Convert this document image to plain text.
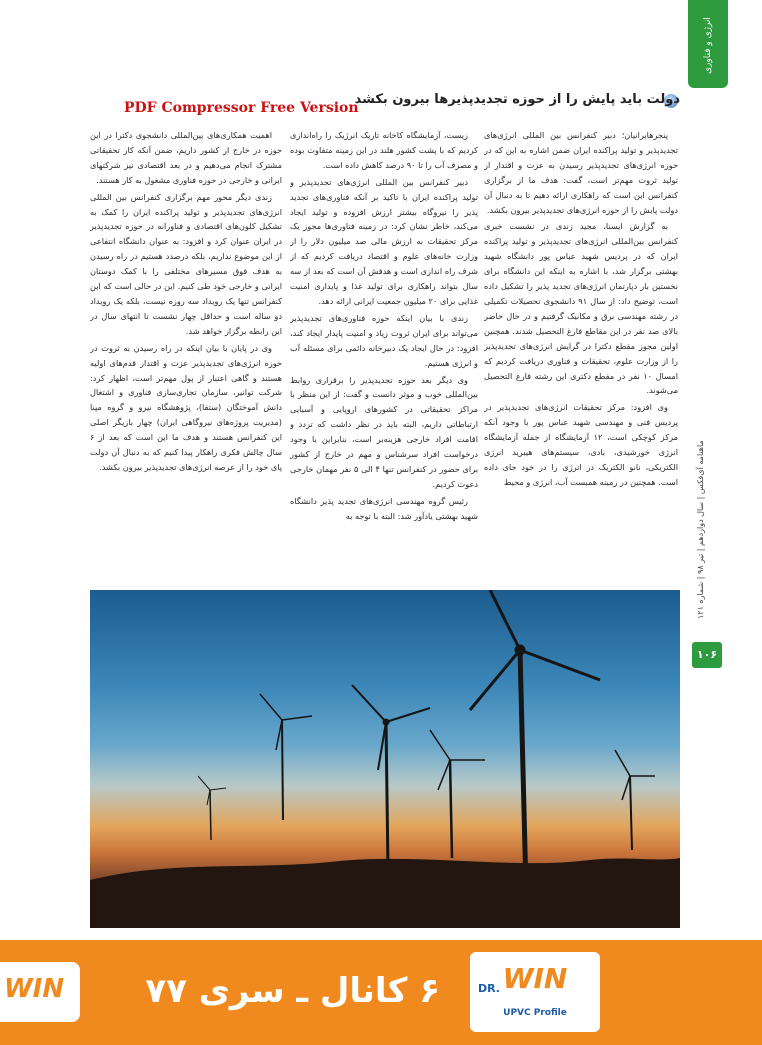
انرژی و فناوری
ماهنامه آی‌فکس | سال دوازدهم | تیر ۹۸ | شماره ۱۲۱
۱۰۶
دولت باید پایش را از حوزه تجدیدپذیرها بیرون بکشد
PDF Compressor Free Version

پنجرهایرانیان؛ دبیر کنفرانس بین المللی انرژی‌های تجدیدپذیر و تولید پراکنده ایران ضمن اشاره به این که در حوزه انرژی‌های تجدیدپذیر رسیدن به عزت و اقتدار از تولید ثروت مهم‌تر است، گفت: هدف ما از برگزاری کنفرانس این است که راهکاری ارائه دهیم تا به دنبال آن دولت پایش را از حوزه انرژی‌های تجدیدپذیر بیرون بکشد.

به گزارش ایسنا، مجید زندی در نشست خبری کنفرانس بین‌المللی انرژی‌های تجدیدپذیر و تولید پراکنده ایران که در پردیس شهید عباس پور دانشگاه شهید بهشتی برگزار شد، با اشاره به اینکه این دانشگاه برای نخستین بار دپارتمان انرژی‌های تجدید پذیر را تشکیل داده است، توضیح داد: از سال ۹۱ دانشجوی تحصیلات تکمیلی در رشته مهندسی برق و مکانیک گرفتیم و در حال حاضر بالای صد نفر در این مقاطع فارغ التحصیل شدند. همچنین اولین مجوز مقطع دکترا در گرایش انرژی‌های تجدیدپذیر را از وزارت علوم، تحقیقات و فناوری دریافت کردیم که امسال ۱۰ نفر در مقطع دکتری این رشته فارغ التحصیل می‌شوند.

وی افزود: مرکز تحقیقات انرژی‌های تجدیدپذیر در پردیس فنی و مهندسی شهید عباس پور با وجود آنکه مرکز کوچکی است، ۱۲ آزمایشگاه از جمله آزمایشگاه انرژی خورشیدی، بادی، سیستم‌های هیبرید انرژی الکتریکی، نانو الکتریک در انرژی را در خود جای داده است. همچنین در زمینه همبست آب، انرژی و محیط

زیست، آزمایشگاه کاخانه تاریک انرژیک را راه‌اندازی کردیم که با پشت کشور هلند در این زمینه متفاوت بوده و مصرف آب را تا ۹۰ درصد کاهش داده است.

دبیر کنفرانس بین المللی انرژی‌های تجدیدپذیر و تولید پراکنده ایران با تاکید بر آنکه فناوری‌های تجدید پذیر را نیروگاه بیشتر ارزش افزوده و تولید ایجاد می‌کند، خاطر نشان کرد: در زمینه فناوری‌ها مجوز یک مرکز تحقیقات به ارزش مالی صد میلیون دلار را از وزارت خانه‌های علوم و اقتصاد دریافت کردیم که از شرف راه اندازی است و هدفش آن است که بعد از سه سال بتواند راهکاری برای تولید غذا و پایداری امنیت غذایی برای ۲۰ میلیون جمعیت ایرانی ارائه دهد.

زندی با بیان اینکه حوزه فناوری‌های تجدیدپذیر می‌تواند برای ایران ثروت زیاد و امنیت پایدار ایجاد کند، افزود: در حال ایجاد یک دبیرخانه دائمی برای مسئله آب و انرژی هستیم.

وی دیگر بعد حوزه تجدیدپذیر را برقراری روابط بین‌المللی خوب و موثر دانست و گفت: از این منظر با مراکز تحقیقاتی در کشورهای اروپایی و آسیایی ارتباطاتی داریم، البته باید در نظر داشت که تردد و اقامت افراد خارجی هزینه‌بر است، بنابراین با وجود درخواست افراد سرشناس و مهم در خارج از کشور برای حضور در کنفرانس تنها ۴ الی ۵ نفر مهمان خارجی دعوت کردیم.

رئیس گروه مهندسی انرژی‌های تجدید پذیر دانشگاه شهید بهشتی یادآور شد: البته با توجه به

اهمیت همکاری‌های بین‌المللی دانشجوی دکترا در این حوزه در خارج از کشور داریم، ضمن آنکه کار تحقیقاتی مشترک انجام می‌دهیم و در بعد اقتصادی نیز شرکتهای ایرانی و خارجی در حوزه فناوری مشغول به کار هستند.

زندی دیگر محور مهم برگزاری کنفرانس بین المللی انرژی‌های تجدیدپذیر و تولید پراکنده ایران را کمک به تشکیل کلون‌های اقتصادی و فناورانه در حوزه تجدیدپذیر در ایران عنوان کرد و افزود: به عنوان دانشگاه انتفاعی از این موضوع نداریم، بلکه درصدد هستیم در راه رسیدن به هدف فوق مسیرهای مختلفی را با کمک دوستان ایرانی و خارجی خود طی کنیم. این در حالی است که این کنفرانس تنها یک رویداد سه روزه نیست، بلکه یک رویداد دو ساله است و حداقل چهار نشست تا انتهای سال در این رابطه برگزار خواهد شد.

وی در پایان با بیان اینکه در راه رسیدن به ثروت در حوزه انرژی‌های تجدیدپذیر عزت و اقتدار قدم‌های اولیه هستند و گاهی اعتبار از پول مهم‌تر است، اظهار کرد: شرکت توانیر، سازمان تجاری‌سازی فناوری و اشتغال دانش آموختگان (ستفا)، پژوهشگاه نیرو و گروه مپنا (مدیریت پروژه‌های نیروگاهی ایران) چهار بازیگر اصلی این کنفرانس هستند و هدف ما این است که بعد از ۶ سال چالش فکری راهکار پیدا کنیم که به دنبال آن دولت پای خود را از عرصه انرژی‌های تجدیدپذیر بیرون بکشد.

WIN ۶ کانال ـ سری ۷۷	DR. WIN
UPVC Profile
